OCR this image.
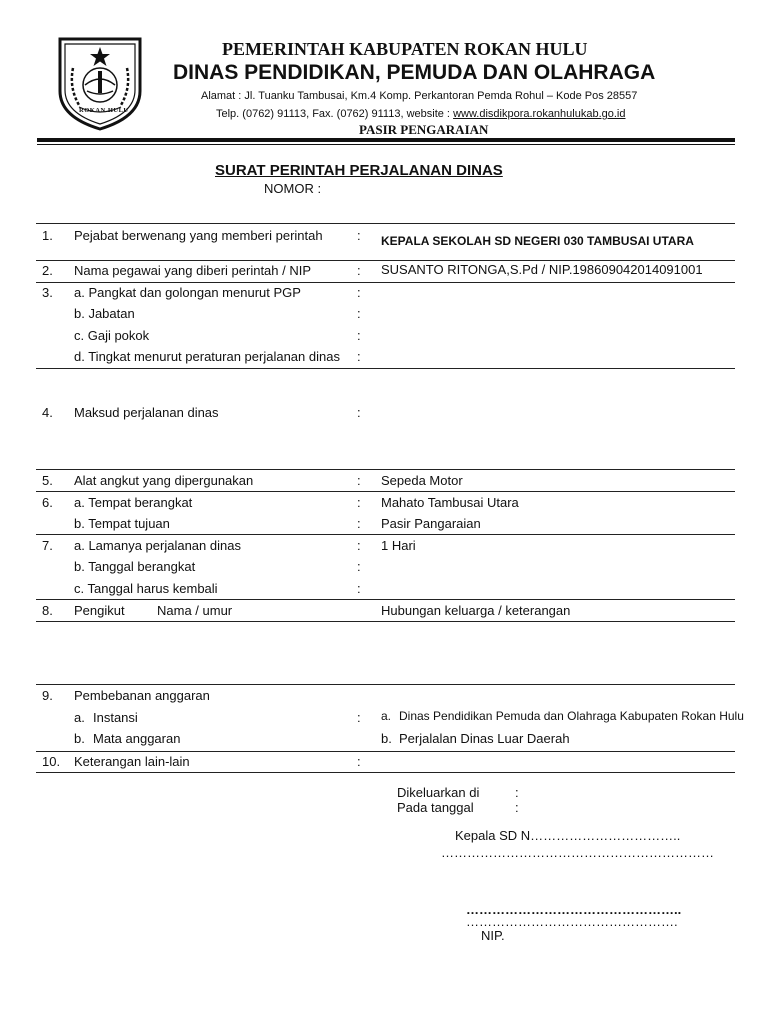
ROKAN HULU
PEMERINTAH KABUPATEN ROKAN HULU
DINAS PENDIDIKAN, PEMUDA DAN OLAHRAGA
Alamat : Jl. Tuanku Tambusai, Km.4 Komp. Perkantoran Pemda Rohul – Kode Pos 28557
Telp. (0762) 91113, Fax. (0762) 91113, website : www.disdikpora.rokanhulukab.go.id
PASIR PENGARAIAN
SURAT PERINTAH PERJALANAN DINAS
NOMOR :
1. Pejabat berwenang yang memberi perintah	: KEPALA SEKOLAH SD NEGERI 030 TAMBUSAI UTARA
2. Nama pegawai yang diberi perintah / NIP	: SUSANTO RITONGA,S.Pd / NIP.198609042014091001
3. a. Pangkat dan golongan menurut PGP	:
b. Jabatan	:
c. Gaji pokok	:
d. Tingkat menurut peraturan perjalanan dinas :
4. Maksud perjalanan dinas	:
5. Alat angkut yang dipergunakan	: Sepeda Motor
6. a. Tempat berangkat	: Mahato Tambusai Utara
b. Tempat tujuan	: Pasir Pangaraian
7. a. Lamanya perjalanan dinas	: 1 Hari
b. Tanggal berangkat	:
c. Tanggal harus kembali	:
8. Pengikut Nama / umur	Hubungan keluarga / keterangan
9. Pembebanan anggaran
a. Instansi	: a. Dinas Pendidikan Pemuda dan Olahraga Kabupaten Rokan Hulu
b. Mata anggaran	b. Perjalalan Dinas Luar Daerah
10. Keterangan lain-lain	:
Dikeluarkan di	:
Pada tanggal	:
Kepala SD N……………………………..
………………………………………………………
…………………………………………..
………………………………………….
NIP.
